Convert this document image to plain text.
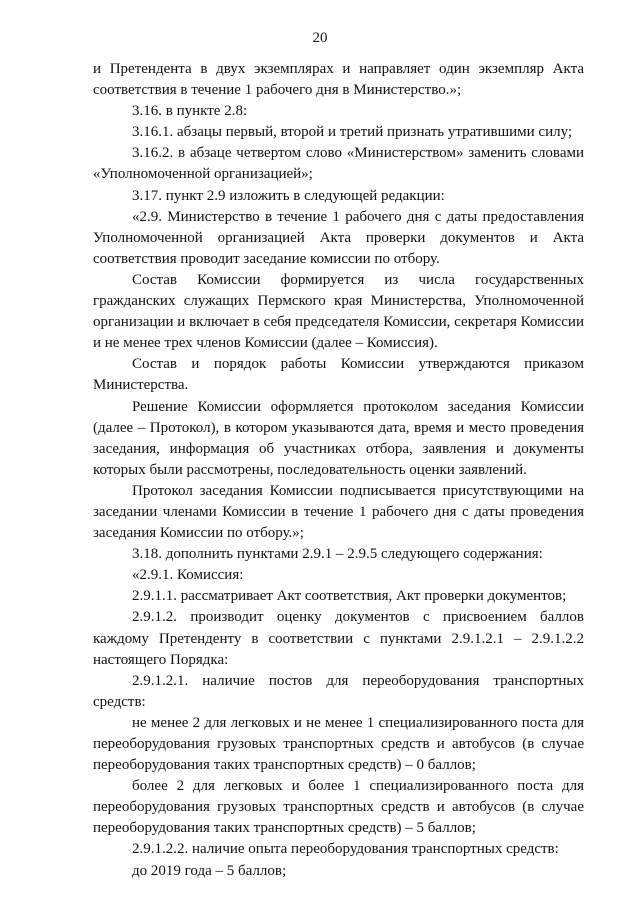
20

и Претендента в двух экземплярах и направляет один экземпляр Акта соответствия в течение 1 рабочего дня в Министерство.»;

3.16. в пункте 2.8:

3.16.1. абзацы первый, второй и третий признать утратившими силу;

3.16.2. в абзаце четвертом слово «Министерством» заменить словами «Уполномоченной организацией»;

3.17. пункт 2.9 изложить в следующей редакции:

«2.9. Министерство в течение 1 рабочего дня с даты предоставления Уполномоченной организацией Акта проверки документов и Акта соответствия проводит заседание комиссии по отбору.

Состав Комиссии формируется из числа государственных гражданских служащих Пермского края Министерства, Уполномоченной организации и включает в себя председателя Комиссии, секретаря Комиссии и не менее трех членов Комиссии (далее – Комиссия).

Состав и порядок работы Комиссии утверждаются приказом Министерства.

Решение Комиссии оформляется протоколом заседания Комиссии (далее – Протокол), в котором указываются дата, время и место проведения заседания, информация об участниках отбора, заявления и документы которых были рассмотрены, последовательность оценки заявлений.

Протокол заседания Комиссии подписывается присутствующими на заседании членами Комиссии в течение 1 рабочего дня с даты проведения заседания Комиссии по отбору.»;

3.18. дополнить пунктами 2.9.1 – 2.9.5 следующего содержания:

«2.9.1. Комиссия:

2.9.1.1. рассматривает Акт соответствия, Акт проверки документов;

2.9.1.2. производит оценку документов с присвоением баллов каждому Претенденту в соответствии с пунктами 2.9.1.2.1 – 2.9.1.2.2 настоящего Порядка:

2.9.1.2.1. наличие постов для переоборудования транспортных средств:

не менее 2 для легковых и не менее 1 специализированного поста для переоборудования грузовых транспортных средств и автобусов (в случае переоборудования таких транспортных средств) – 0 баллов;

более 2 для легковых и более 1 специализированного поста для переоборудования грузовых транспортных средств и автобусов (в случае переоборудования таких транспортных средств) – 5 баллов;

2.9.1.2.2. наличие опыта переоборудования транспортных средств:

до 2019 года – 5 баллов;
